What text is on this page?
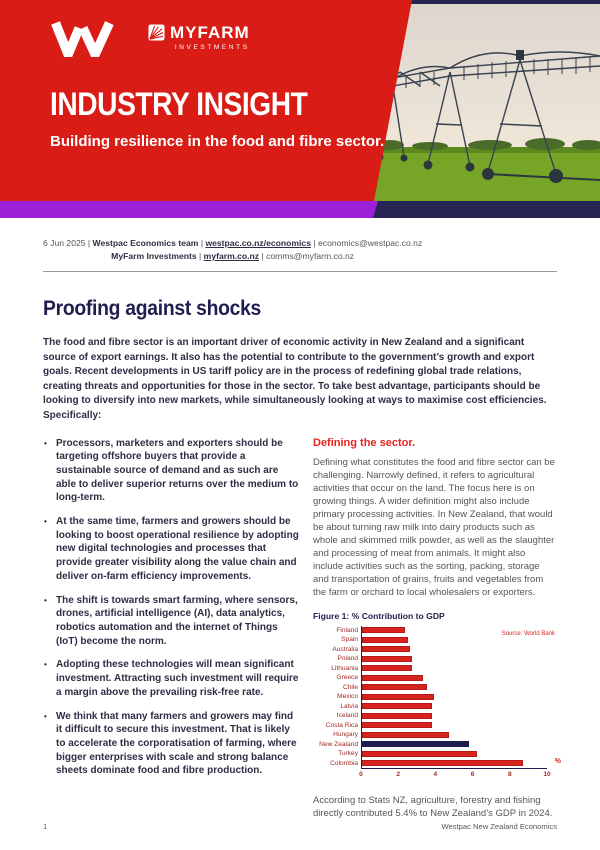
MYFARM
INVESTMENTS
INDUSTRY INSIGHT
Building resilience in the food and fibre sector.
6 Jun 2025 | Westpac Economics team | westpac.co.nz/economics | economics@westpac.co.nz
MyFarm Investments | myfarm.co.nz | comms@myfarm.co.nz
Proofing against shocks

The food and fibre sector is an important driver of economic activity in New Zealand and a significant source of export earnings. It also has the potential to contribute to the government’s growth and export goals. Recent developments in US tariff policy are in the process of redefining global trade relations, creating threats and opportunities for those in the sector. To take best advantage, participants should be looking to diversify into new markets, while simultaneously looking at ways to maximise cost efficiencies. Specifically:

• Processors, marketers and exporters should be targeting offshore buyers that provide a sustainable source of demand and as such are able to deliver superior returns over the medium to long-term.
• At the same time, farmers and growers should be looking to boost operational resilience by adopting new digital technologies and processes that provide greater visibility along the value chain and deliver on-farm efficiency improvements.
• The shift is towards smart farming, where sensors, drones, artificial intelligence (AI), data analytics, robotics automation and the internet of Things (IoT) become the norm.
• Adopting these technologies will mean significant investment. Attracting such investment will require a margin above the prevailing risk-free rate.
• We think that many farmers and growers may find it difficult to secure this investment. That is likely to accelerate the corporatisation of farming, where bigger enterprises with scale and strong balance sheets dominate food and fibre production.
Defining the sector.

Defining what constitutes the food and fibre sector can be challenging. Narrowly defined, it refers to agricultural activities that occur on the land. The focus here is on growing things. A wider definition might also include primary processing activities. In New Zealand, that would be about turning raw milk into dairy products such as whole and skimmed milk powder, as well as the slaughter and processing of meat from animals. It might also include activities such as the sorting, packing, storage and transportation of grains, fruits and vegetables from the farm or orchard to local wholesalers or exporters.

Figure 1: % Contribution to GDP
Source: World Bank
Finland
Spain
Australia
Poland
Lithuania
Greece
Chile
Mexico
Latvia
Iceland
Costa Rica
Hungary
New Zealand
Turkey
Colombia
0	2	4	6	8	10
%

According to Stats NZ, agriculture, forestry and fishing directly contributed 5.4% to New Zealand’s GDP in 2024.

1	Westpac New Zealand Economics
